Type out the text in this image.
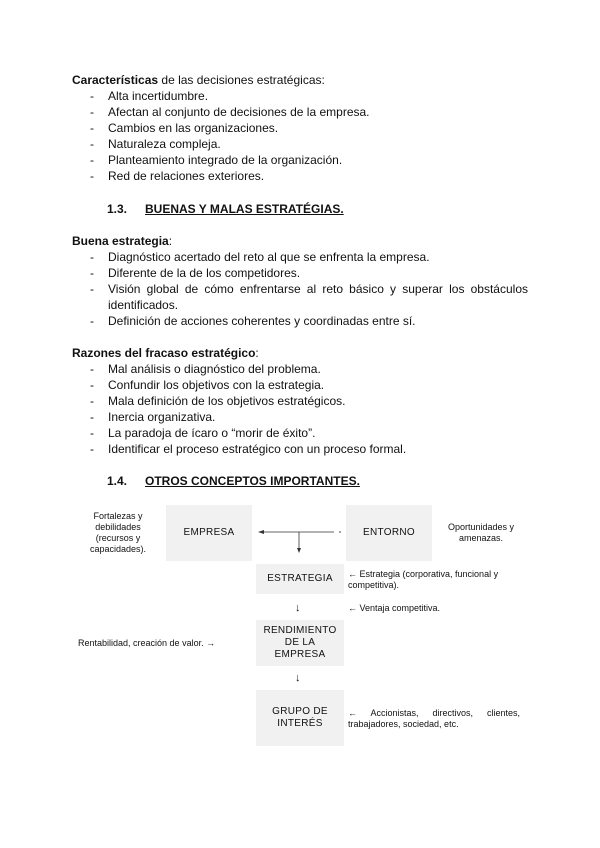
Características de las decisiones estratégicas:
- Alta incertidumbre.
- Afectan al conjunto de decisiones de la empresa.
- Cambios en las organizaciones.
- Naturaleza compleja.
- Planteamiento integrado de la organización.
- Red de relaciones exteriores.
1.3. BUENAS Y MALAS ESTRATÉGIAS.
Buena estrategia:
- Diagnóstico acertado del reto al que se enfrenta la empresa.
- Diferente de la de los competidores.
- Visión global de cómo enfrentarse al reto básico y superar los obstáculos identificados.
- Definición de acciones coherentes y coordinadas entre sí.
Razones del fracaso estratégico:
- Mal análisis o diagnóstico del problema.
- Confundir los objetivos con la estrategia.
- Mala definición de los objetivos estratégicos.
- Inercia organizativa.
- La paradoja de ícaro o “morir de éxito”.
- Identificar el proceso estratégico con un proceso formal.
1.4. OTROS CONCEPTOS IMPORTANTES.
Fortalezas y debilidades (recursos y capacidades).
EMPRESA	ENTORNO	Oportunidades y amenazas.
ESTRATEGIA	← Estrategia (corporativa, funcional y competitiva).
↓	← Ventaja competitiva.
Rentabilidad, creación de valor. →
RENDIMIENTO DE LA EMPRESA
↓
GRUPO DE INTERÉS
← Accionistas, directivos, clientes, trabajadores, sociedad, etc.
